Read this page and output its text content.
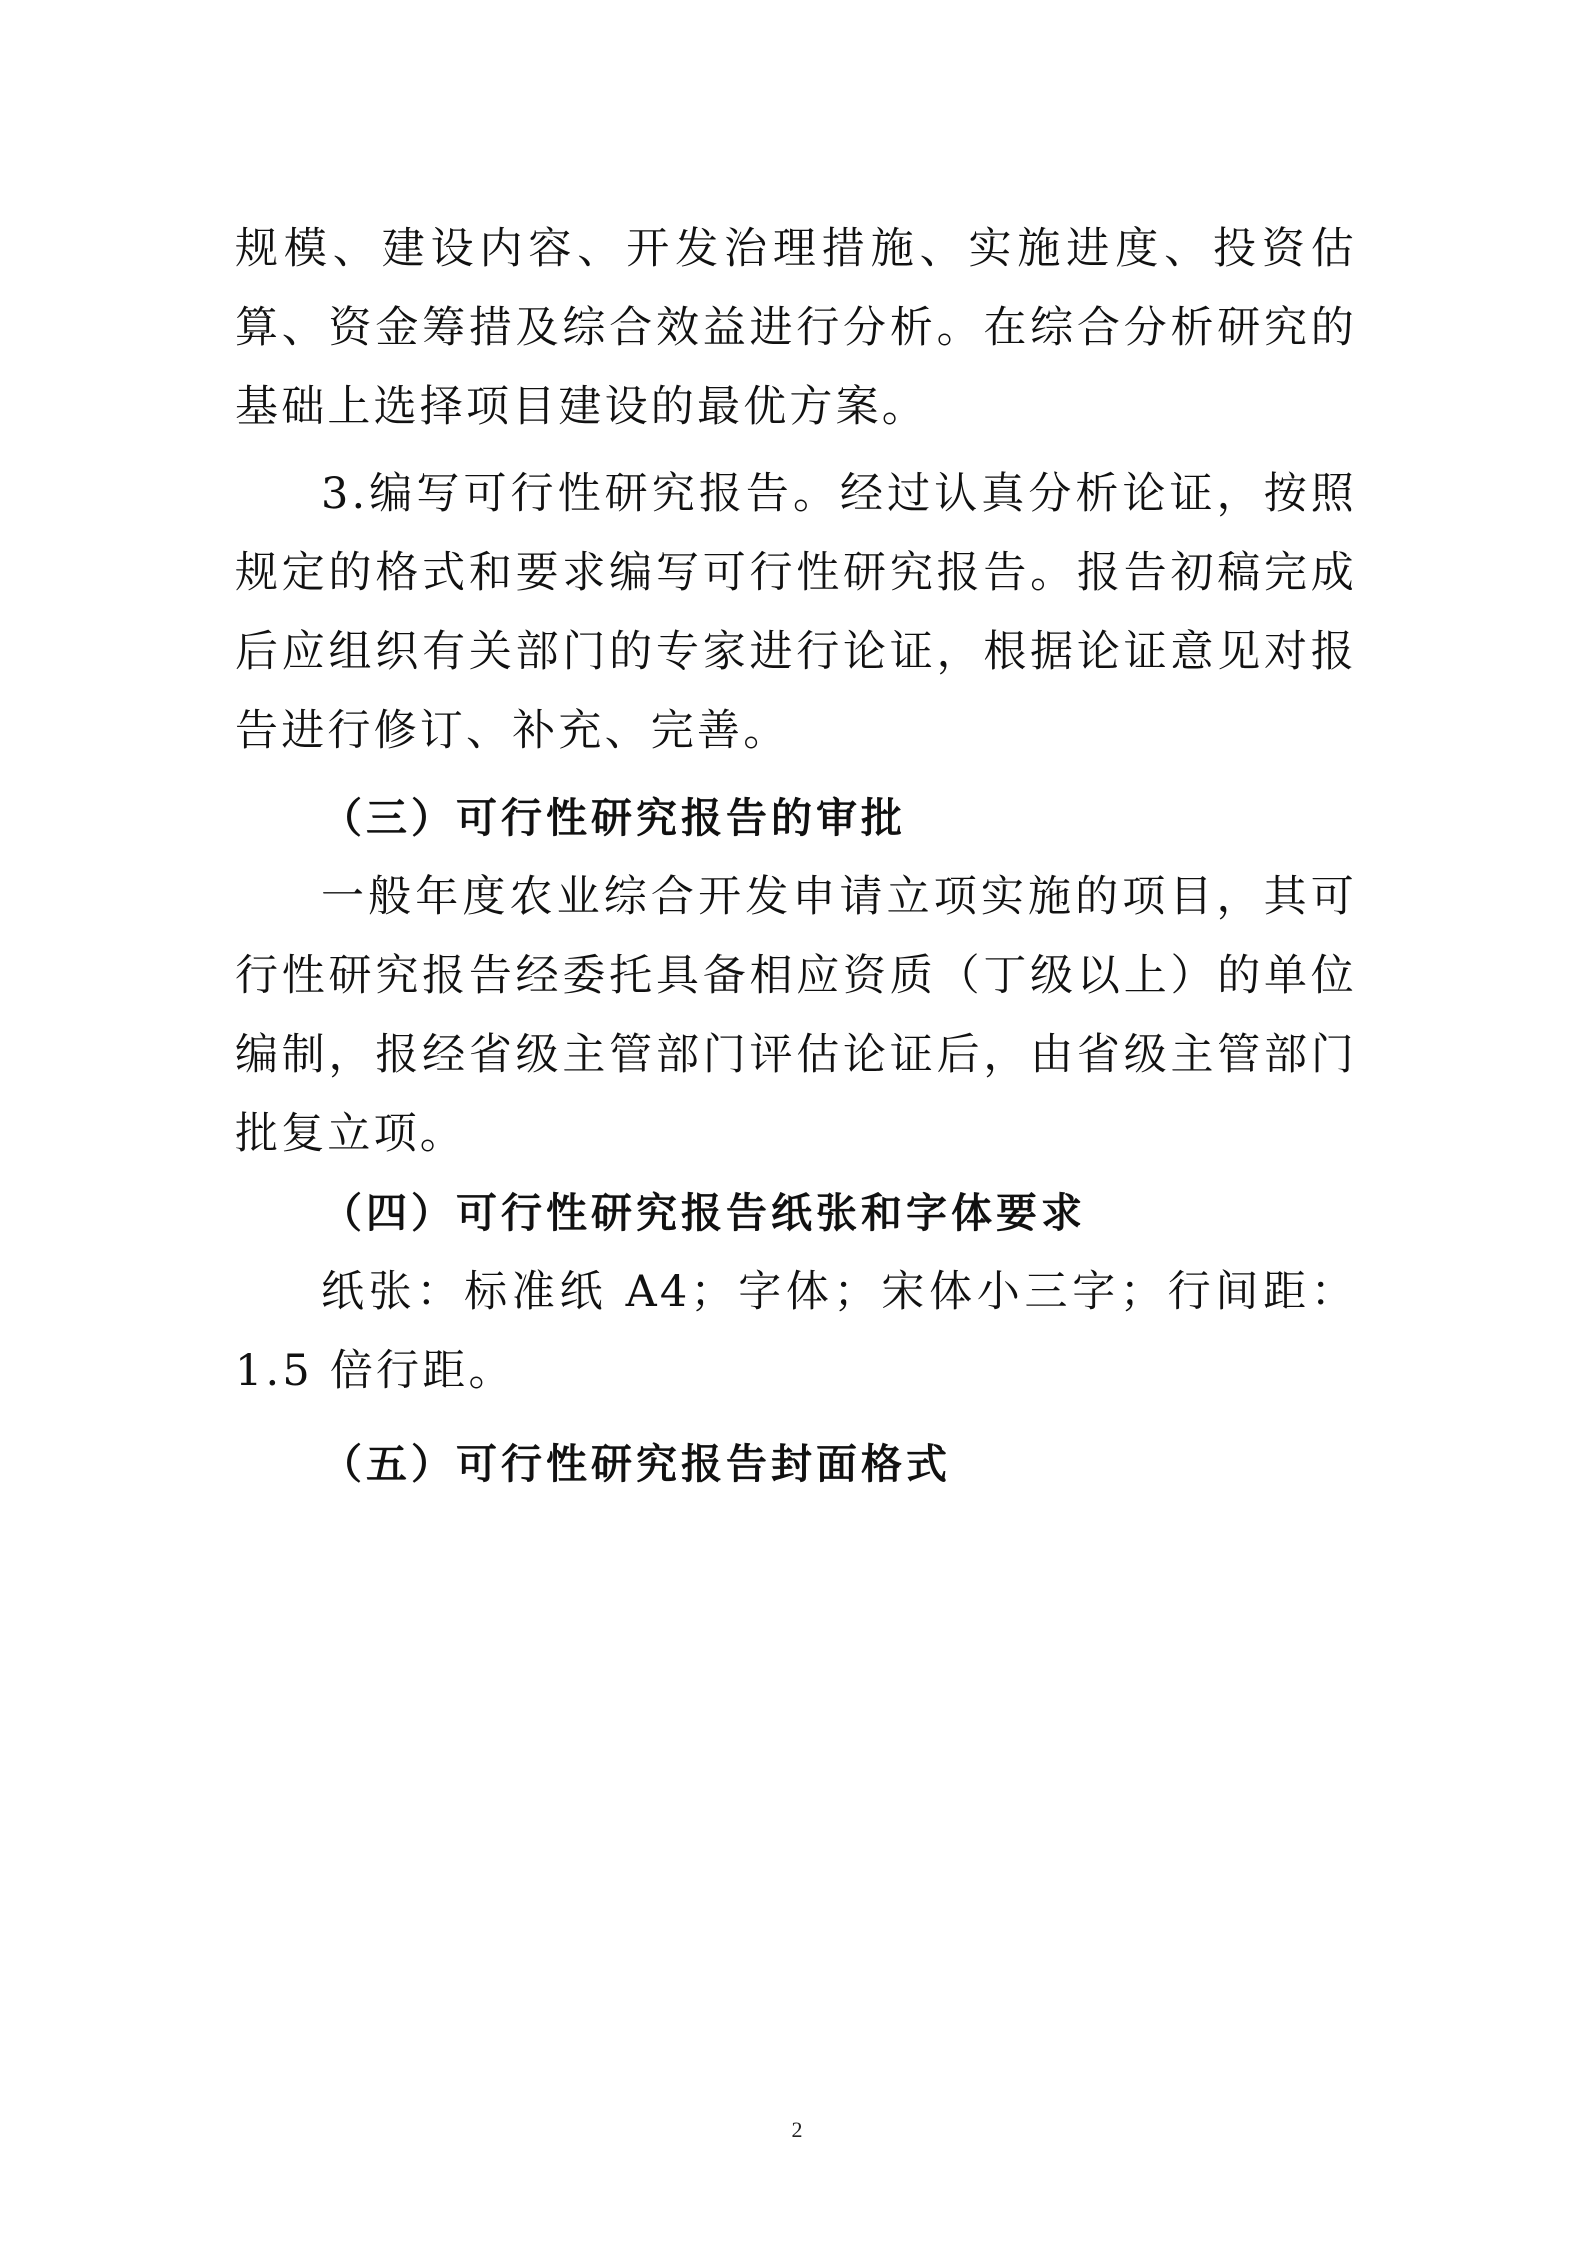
规模、建设内容、开发治理措施、实施进度、投资估算、资金筹措及综合效益进行分析。在综合分析研究的基础上选择项目建设的最优方案。

3.编写可行性研究报告。经过认真分析论证，按照规定的格式和要求编写可行性研究报告。报告初稿完成后应组织有关部门的专家进行论证，根据论证意见对报告进行修订、补充、完善。

（三）可行性研究报告的审批

一般年度农业综合开发申请立项实施的项目，其可行性研究报告经委托具备相应资质（丁级以上）的单位编制，报经省级主管部门评估论证后，由省级主管部门批复立项。

（四）可行性研究报告纸张和字体要求

纸张：标准纸 A4；字体；宋体小三字；行间距：1.5 倍行距。

（五）可行性研究报告封面格式
2
